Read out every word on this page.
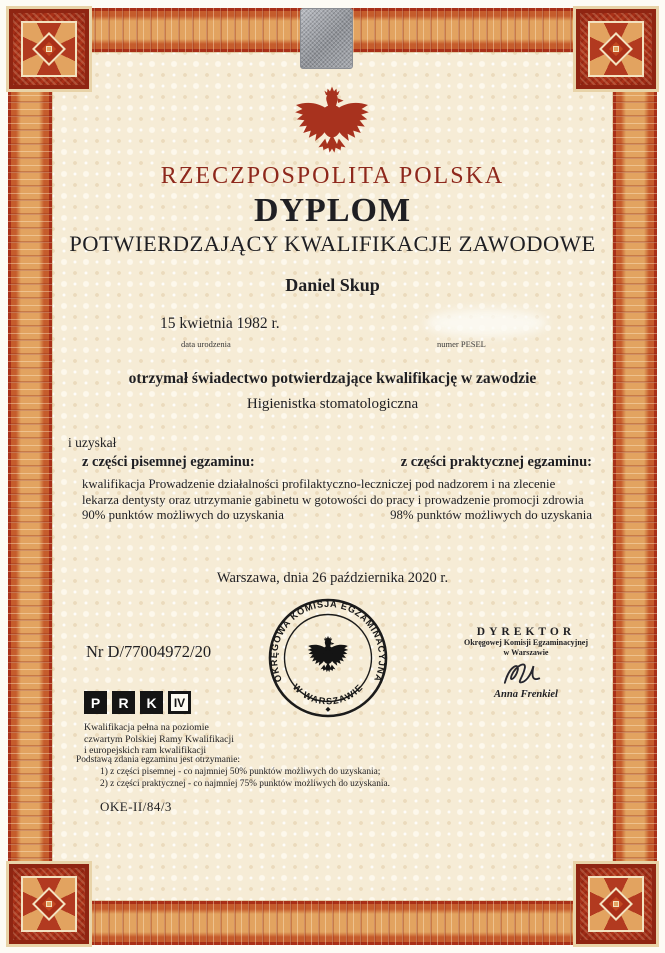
RZECZPOSPOLITA POLSKA
DYPLOM
POTWIERDZAJĄCY KWALIFIKACJE ZAWODOWE
Daniel Skup
15 kwietnia 1982 r.
data urodzenia	numer PESEL
otrzymał świadectwo potwierdzające kwalifikację w zawodzie
Higienistka stomatologiczna
i uzyskał
z części pisemnej egzaminu:	z części praktycznej egzaminu:
kwalifikacja Prowadzenie działalności profilaktyczno-leczniczej pod nadzorem i na zlecenie lekarza dentysty oraz utrzymanie gabinetu w gotowości do pracy i prowadzenie promocji zdrowia
90% punktów możliwych do uzyskania	98% punktów możliwych do uzyskania
Warszawa, dnia 26 października 2020 r.
OKRĘGOWA KOMISJA EGZAMINACYJNA
W WARSZAWIE
◆
DYREKTOR
Okręgowej Komisji Egzaminacyjnej
w Warszawie
Anna Frenkiel
Nr D/77004972/20
P	R	K	IV
Kwalifikacja pełna na poziomie
czwartym Polskiej Ramy Kwalifikacji
i europejskich ram kwalifikacji
Podstawą zdania egzaminu jest otrzymanie:
1) z części pisemnej - co najmniej 50% punktów możliwych do uzyskania;
2) z części praktycznej - co najmniej 75% punktów możliwych do uzyskania.
OKE-II/84/3
